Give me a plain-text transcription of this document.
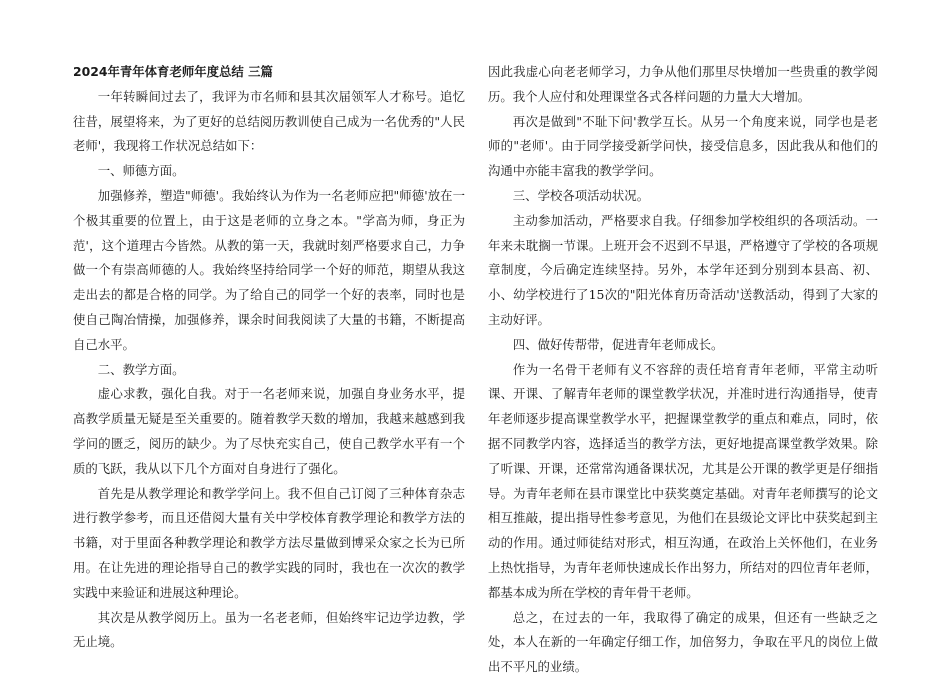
2024年青年体育老师年度总结 三篇

一年转瞬间过去了，我评为市名师和县其次届领军人才称号。追忆往昔，展望将来，为了更好的总结阅历教训使自己成为一名优秀的"人民老师'，我现将工作状况总结如下：

一、师德方面。

加强修养，塑造"师德'。我始终认为作为一名老师应把"师德'放在一个极其重要的位置上，由于这是老师的立身之本。"学高为师，身正为范'，这个道理古今皆然。从教的第一天，我就时刻严格要求自己，力争做一个有崇高师德的人。我始终坚持给同学一个好的师范，期望从我这走出去的都是合格的同学。为了给自己的同学一个好的表率，同时也是使自己陶冶情操，加强修养，课余时间我阅读了大量的书籍，不断提高自己水平。

二、教学方面。

虚心求教，强化自我。对于一名老师来说，加强自身业务水平，提高教学质量无疑是至关重要的。随着教学天数的增加，我越来越感到我学问的匮乏，阅历的缺少。为了尽快充实自己，使自己教学水平有一个质的飞跃，我从以下几个方面对自身进行了强化。

首先是从教学理论和教学学问上。我不但自己订阅了三种体育杂志进行教学参考，而且还借阅大量有关中学校体育教学理论和教学方法的书籍，对于里面各种教学理论和教学方法尽量做到博采众家之长为已所用。在让先进的理论指导自己的教学实践的同时，我也在一次次的教学实践中来验证和进展这种理论。

其次是从教学阅历上。虽为一名老老师，但始终牢记边学边教，学无止境。

因此我虚心向老老师学习，力争从他们那里尽快增加一些贵重的教学阅历。我个人应付和处理课堂各式各样问题的力量大大增加。

再次是做到"不耻下问'教学互长。从另一个角度来说，同学也是老师的"老师'。由于同学接受新学问快，接受信息多，因此我从和他们的沟通中亦能丰富我的教学学问。

三、学校各项活动状况。

主动参加活动，严格要求自我。仔细参加学校组织的各项活动。一年来未耽搁一节课。上班开会不迟到不早退，严格遵守了学校的各项规章制度，今后确定连续坚持。另外，本学年还到分别到本县高、初、小、幼学校进行了15次的"阳光体育历奇活动'送教活动，得到了大家的主动好评。

四、做好传帮带，促进青年老师成长。

作为一名骨干老师有义不容辞的责任培育青年老师，平常主动听课、开课、了解青年老师的课堂教学状况，并准时进行沟通指导，使青年老师逐步提高课堂教学水平，把握课堂教学的重点和难点，同时，依据不同教学内容，选择适当的教学方法，更好地提高课堂教学效果。除了听课、开课，还常常沟通备课状况，尤其是公开课的教学更是仔细指导。为青年老师在县市课堂比中获奖奠定基础。对青年老师撰写的论文相互推敲，提出指导性参考意见，为他们在县级论文评比中获奖起到主动的作用。通过师徒结对形式，相互沟通，在政治上关怀他们，在业务上热忱指导，为青年老师快速成长作出努力，所结对的四位青年老师，都基本成为所在学校的青年骨干老师。

总之，在过去的一年，我取得了确定的成果，但还有一些缺乏之处，本人在新的一年确定仔细工作，加倍努力，争取在平凡的岗位上做出不平凡的业绩。
